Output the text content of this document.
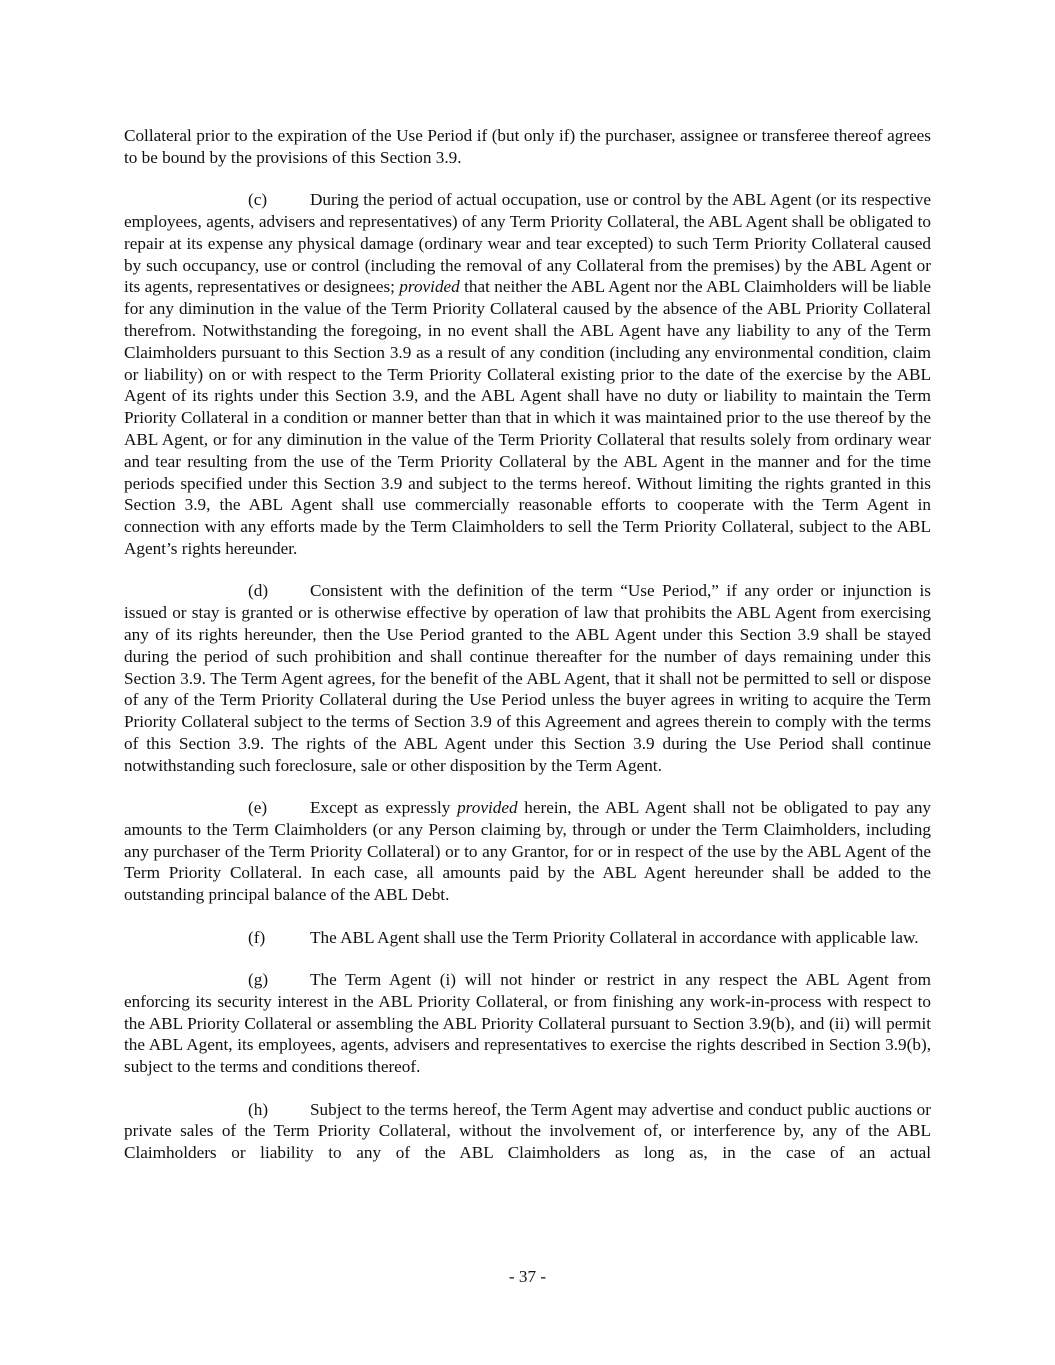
Collateral prior to the expiration of the Use Period if (but only if) the purchaser, assignee or transferee thereof agrees to be bound by the provisions of this Section 3.9.

(c) During the period of actual occupation, use or control by the ABL Agent (or its respective employees, agents, advisers and representatives) of any Term Priority Collateral, the ABL Agent shall be obligated to repair at its expense any physical damage (ordinary wear and tear excepted) to such Term Priority Collateral caused by such occupancy, use or control (including the removal of any Collateral from the premises) by the ABL Agent or its agents, representatives or designees; provided that neither the ABL Agent nor the ABL Claimholders will be liable for any diminution in the value of the Term Priority Collateral caused by the absence of the ABL Priority Collateral therefrom. Notwithstanding the foregoing, in no event shall the ABL Agent have any liability to any of the Term Claimholders pursuant to this Section 3.9 as a result of any condition (including any environmental condition, claim or liability) on or with respect to the Term Priority Collateral existing prior to the date of the exercise by the ABL Agent of its rights under this Section 3.9, and the ABL Agent shall have no duty or liability to maintain the Term Priority Collateral in a condition or manner better than that in which it was maintained prior to the use thereof by the ABL Agent, or for any diminution in the value of the Term Priority Collateral that results solely from ordinary wear and tear resulting from the use of the Term Priority Collateral by the ABL Agent in the manner and for the time periods specified under this Section 3.9 and subject to the terms hereof. Without limiting the rights granted in this Section 3.9, the ABL Agent shall use commercially reasonable efforts to cooperate with the Term Agent in connection with any efforts made by the Term Claimholders to sell the Term Priority Collateral, subject to the ABL Agent’s rights hereunder.

(d) Consistent with the definition of the term “Use Period,” if any order or injunction is issued or stay is granted or is otherwise effective by operation of law that prohibits the ABL Agent from exercising any of its rights hereunder, then the Use Period granted to the ABL Agent under this Section 3.9 shall be stayed during the period of such prohibition and shall continue thereafter for the number of days remaining under this Section 3.9. The Term Agent agrees, for the benefit of the ABL Agent, that it shall not be permitted to sell or dispose of any of the Term Priority Collateral during the Use Period unless the buyer agrees in writing to acquire the Term Priority Collateral subject to the terms of Section 3.9 of this Agreement and agrees therein to comply with the terms of this Section 3.9. The rights of the ABL Agent under this Section 3.9 during the Use Period shall continue notwithstanding such foreclosure, sale or other disposition by the Term Agent.

(e) Except as expressly provided herein, the ABL Agent shall not be obligated to pay any amounts to the Term Claimholders (or any Person claiming by, through or under the Term Claimholders, including any purchaser of the Term Priority Collateral) or to any Grantor, for or in respect of the use by the ABL Agent of the Term Priority Collateral. In each case, all amounts paid by the ABL Agent hereunder shall be added to the outstanding principal balance of the ABL Debt.

(f)	The ABL Agent shall use the Term Priority Collateral in accordance with applicable law.

(g) The Term Agent (i) will not hinder or restrict in any respect the ABL Agent from enforcing its security interest in the ABL Priority Collateral, or from finishing any work-in-process with respect to the ABL Priority Collateral or assembling the ABL Priority Collateral pursuant to Section 3.9(b), and (ii) will permit the ABL Agent, its employees, agents, advisers and representatives to exercise the rights described in Section 3.9(b), subject to the terms and conditions thereof.

(h) Subject to the terms hereof, the Term Agent may advertise and conduct public auctions or private sales of the Term Priority Collateral, without the involvement of, or interference by, any of the ABL Claimholders or liability to any of the ABL Claimholders as long as, in the case of an actual

- 37 -
